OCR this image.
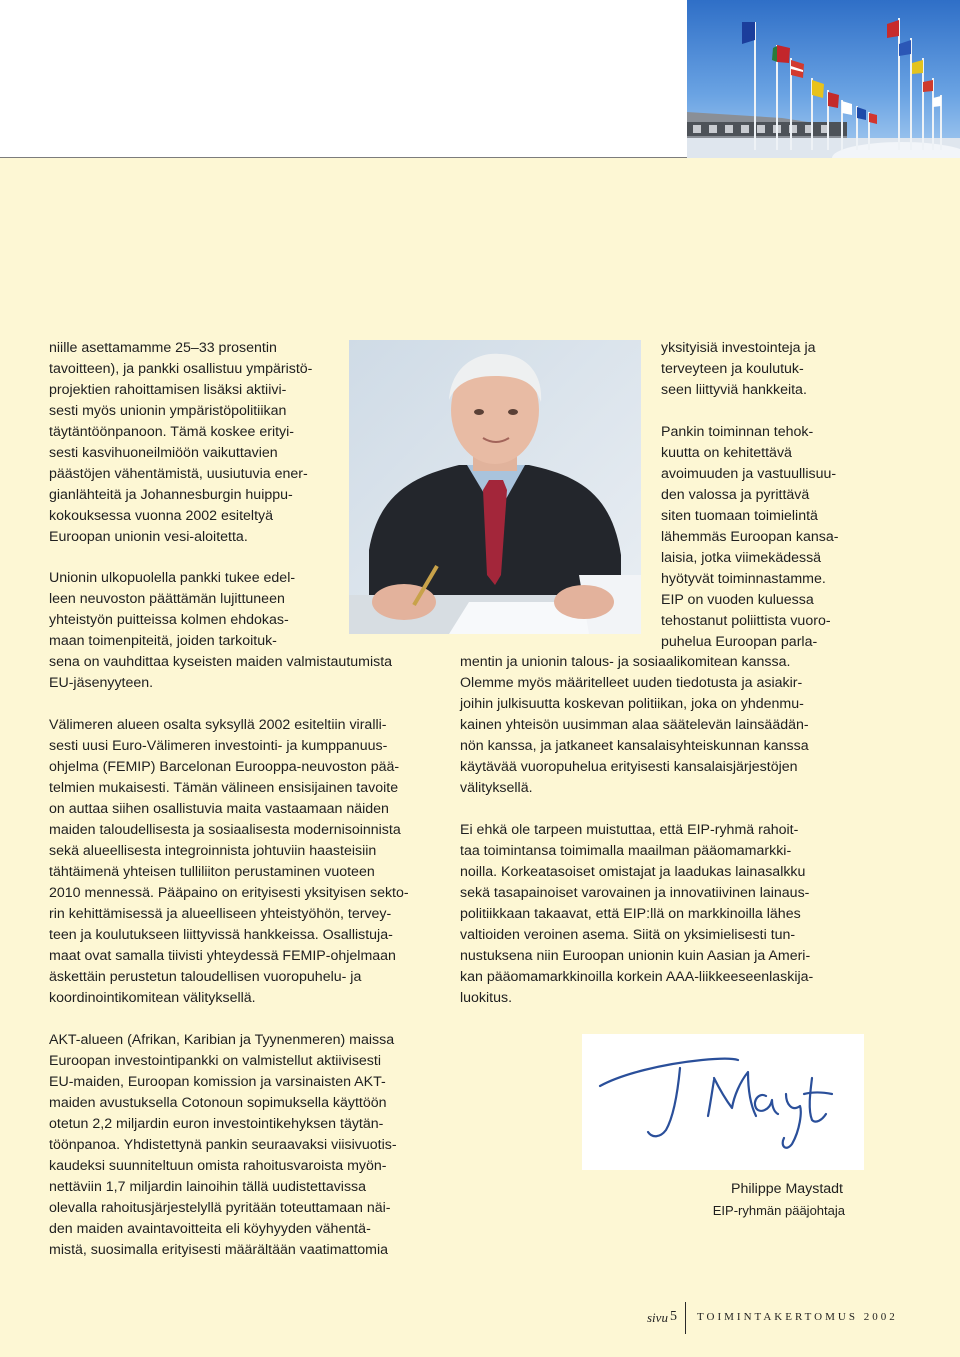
niille asettamamme 25–33 prosentin
tavoitteen), ja pankki osallistuu ympäristö-
projektien rahoittamisen lisäksi aktiivi-
sesti myös unionin ympäristöpolitiikan
täytäntöönpanoon. Tämä koskee erityi-
sesti kasvihuoneilmiöön vaikuttavien
päästöjen vähentämistä, uusiutuvia ener-
gianlähteitä ja Johannesburgin huippu-
kokouksessa vuonna 2002 esiteltyä
Euroopan unionin vesi-aloitetta.
Unionin ulkopuolella pankki tukee edel-
leen neuvoston päättämän lujittuneen
yhteistyön puitteissa kolmen ehdokas-
maan toimenpiteitä, joiden tarkoituk-
sena on vauhdittaa kyseisten maiden valmistautumista
EU-jäsenyyteen.
Välimeren alueen osalta syksyllä 2002 esiteltiin viralli-
sesti uusi Euro-Välimeren investointi- ja kumppanuus-
ohjelma (FEMIP) Barcelonan Eurooppa-neuvoston pää-
telmien mukaisesti. Tämän välineen ensisijainen tavoite
on auttaa siihen osallistuvia maita vastaamaan näiden
maiden taloudellisesta ja sosiaalisesta modernisoinnista
sekä alueellisesta integroinnista johtuviin haasteisiin
tähtäimenä yhteisen tulliliiton perustaminen vuoteen
2010 mennessä. Pääpaino on erityisesti yksityisen sekto-
rin kehittämisessä ja alueelliseen yhteistyöhön, tervey-
teen ja koulutukseen liittyvissä hankkeissa. Osallistuja-
maat ovat samalla tiivisti yhteydessä FEMIP-ohjelmaan
äskettäin perustetun taloudellisen vuoropuhelu- ja
koordinointikomitean välityksellä.
AKT-alueen (Afrikan, Karibian ja Tyynenmeren) maissa
Euroopan investointipankki on valmistellut aktiivisesti
EU-maiden, Euroopan komission ja varsinaisten AKT-
maiden avustuksella Cotonoun sopimuksella käyttöön
otetun 2,2 miljardin euron investointikehyksen täytän-
töönpanoa. Yhdistettynä pankin seuraavaksi viisivuotis-
kaudeksi suunniteltuun omista rahoitusvaroista myön-
nettäviin 1,7 miljardin lainoihin tällä uudistettavissa
olevalla rahoitusjärjestelyllä pyritään toteuttamaan näi-
den maiden avaintavoitteita eli köyhyyden vähentä-
mistä, suosimalla erityisesti määrältään vaatimattomia
yksityisiä investointeja ja
terveyteen ja koulutuk-
seen liittyviä hankkeita.
Pankin toiminnan tehok-
kuutta on kehitettävä
avoimuuden ja vastuullisuu-
den valossa ja pyrittävä
siten tuomaan toimielintä
lähemmäs Euroopan kansa-
laisia, jotka viimekädessä
hyötyvät toiminnastamme.
EIP on vuoden kuluessa
tehostanut poliittista vuoro-
puhelua Euroopan parla-
mentin ja unionin talous- ja sosiaalikomitean kanssa.
Olemme myös määritelleet uuden tiedotusta ja asiakir-
joihin julkisuutta koskevan politiikan, joka on yhdenmu-
kainen yhteisön uusimman alaa säätelevän lainsäädän-
nön kanssa, ja jatkaneet kansalaisyhteiskunnan kanssa
käytävää vuoropuhelua erityisesti kansalaisjärjestöjen
välityksellä.
Ei ehkä ole tarpeen muistuttaa, että EIP-ryhmä rahoit-
taa toimintansa toimimalla maailman pääomamarkki-
noilla. Korkeatasoiset omistajat ja laadukas lainasalkku
sekä tasapainoiset varovainen ja innovatiivinen lainaus-
politiikkaan takaavat, että EIP:llä on markkinoilla lähes
valtioiden veroinen asema. Siitä on yksimielisesti tun-
nustuksena niin Euroopan unionin kuin Aasian ja Ameri-
kan pääomamarkkinoilla korkein AAA-liikkeeseenlaskija-
luokitus.
Philippe Maystadt
EIP-ryhmän pääjohtaja
sivu 5 TOIMINTAKERTOMUS 2002
